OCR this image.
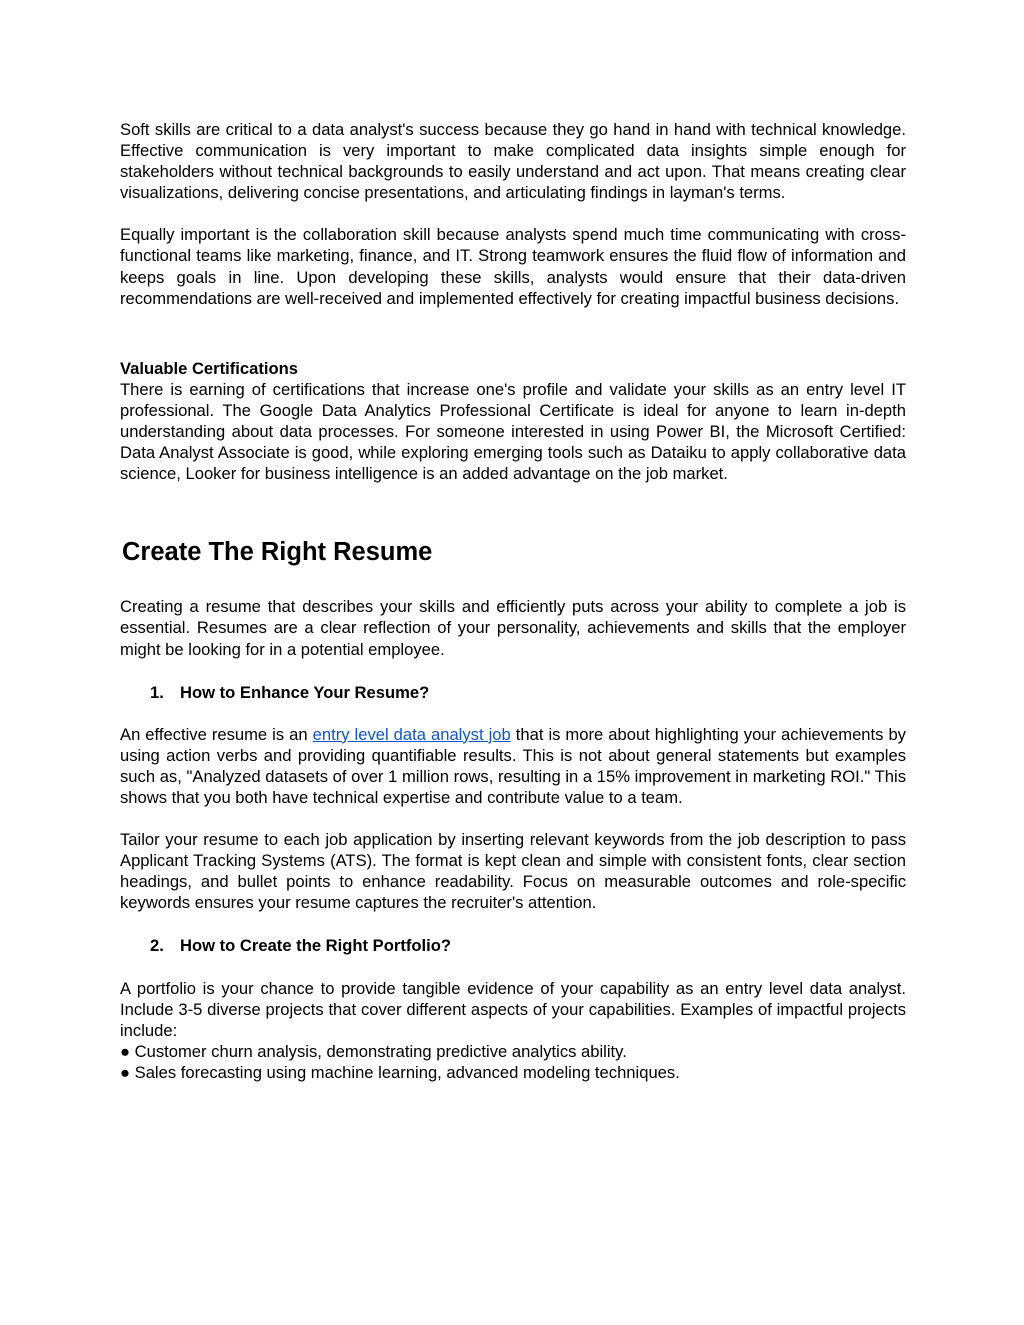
Soft skills are critical to a data analyst's success because they go hand in hand with technical knowledge. Effective communication is very important to make complicated data insights simple enough for stakeholders without technical backgrounds to easily understand and act upon. That means creating clear visualizations, delivering concise presentations, and articulating findings in layman's terms.

Equally important is the collaboration skill because analysts spend much time communicating with cross-functional teams like marketing, finance, and IT. Strong teamwork ensures the fluid flow of information and keeps goals in line. Upon developing these skills, analysts would ensure that their data-driven recommendations are well-received and implemented effectively for creating impactful business decisions.

Valuable Certifications

There is earning of certifications that increase one's profile and validate your skills as an entry level IT professional. The Google Data Analytics Professional Certificate is ideal for anyone to learn in-depth understanding about data processes. For someone interested in using Power BI, the Microsoft Certified: Data Analyst Associate is good, while exploring emerging tools such as Dataiku to apply collaborative data science, Looker for business intelligence is an added advantage on the job market.

Create The Right Resume

Creating a resume that describes your skills and efficiently puts across your ability to complete a job is essential. Resumes are a clear reflection of your personality, achievements and skills that the employer might be looking for in a potential employee.

1. How to Enhance Your Resume?

An effective resume is an entry level data analyst job that is more about highlighting your achievements by using action verbs and providing quantifiable results. This is not about general statements but examples such as, "Analyzed datasets of over 1 million rows, resulting in a 15% improvement in marketing ROI." This shows that you both have technical expertise and contribute value to a team.

Tailor your resume to each job application by inserting relevant keywords from the job description to pass Applicant Tracking Systems (ATS). The format is kept clean and simple with consistent fonts, clear section headings, and bullet points to enhance readability. Focus on measurable outcomes and role-specific keywords ensures your resume captures the recruiter's attention.

2. How to Create the Right Portfolio?

A portfolio is your chance to provide tangible evidence of your capability as an entry level data analyst. Include 3-5 diverse projects that cover different aspects of your capabilities. Examples of impactful projects include:

● Customer churn analysis, demonstrating predictive analytics ability.
● Sales forecasting using machine learning, advanced modeling techniques.
